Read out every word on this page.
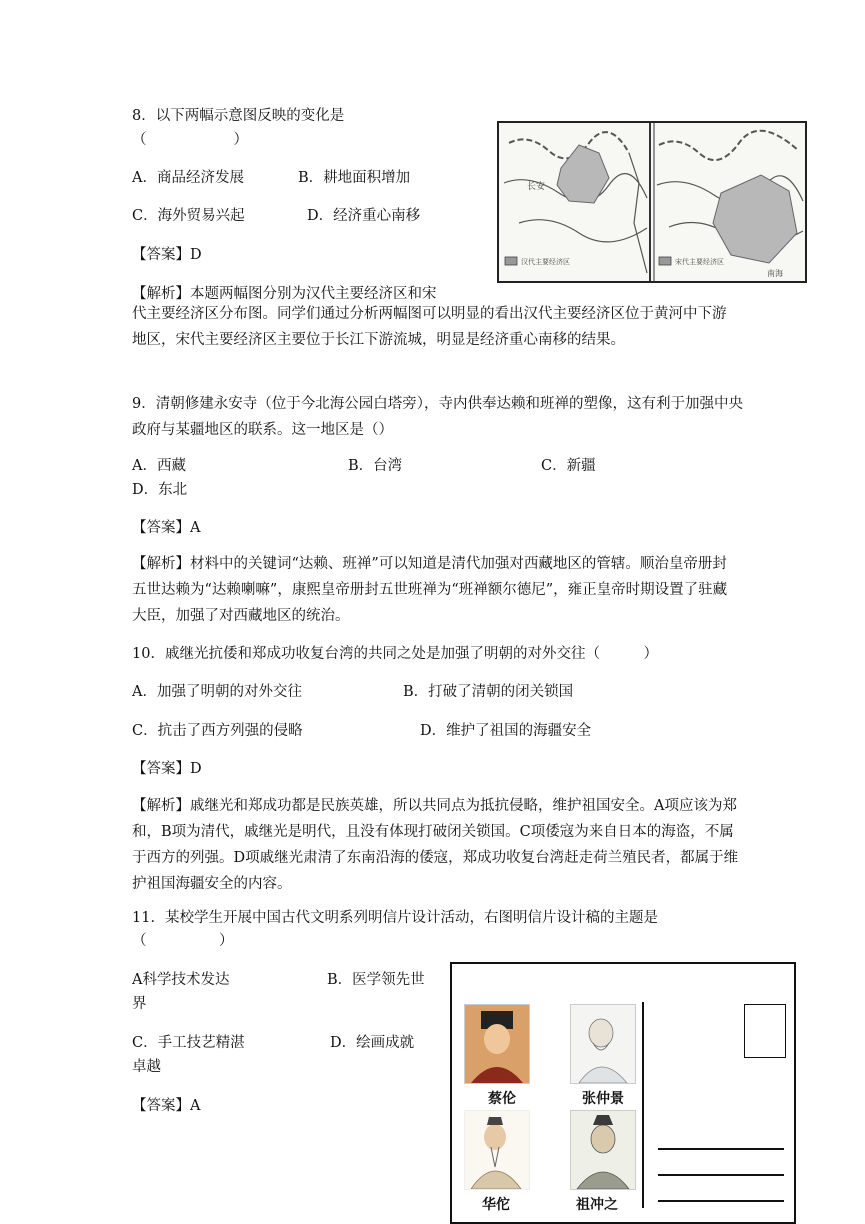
8．以下两幅示意图反映的变化是
（　　　　　　）
A．商品经济发展	B．耕地面积增加
C．海外贸易兴起	D．经济重心南移
【答案】D
【解析】本题两幅图分别为汉代主要经济区和宋
代主要经济区分布图。同学们通过分析两幅图可以明显的看出汉代主要经济区位于黄河中下游地区，宋代主要经济区主要位于长江下游流城，明显是经济重心南移的结果。
长安
汉代主要经济区	宋代主要经济区
南海
9．清朝修建永安寺（位于今北海公园白塔旁），寺内供奉达赖和班禅的塑像，这有利于加强中央政府与某疆地区的联系。这一地区是（）
A．西藏	B．台湾	C．新疆
D．东北
【答案】A
【解析】材料中的关键词“达赖、班禅”可以知道是清代加强对西藏地区的管辖。顺治皇帝册封五世达赖为“达赖喇嘛”，康熙皇帝册封五世班禅为“班禅额尔德尼”，雍正皇帝时期设置了驻藏大臣，加强了对西藏地区的统治。
10．戚继光抗倭和郑成功收复台湾的共同之处是加强了明朝的对外交往（　　　）
A．加强了明朝的对外交往	B．打破了清朝的闭关锁国
C．抗击了西方列强的侵略	D．维护了祖国的海疆安全
【答案】D
【解析】戚继光和郑成功都是民族英雄，所以共同点为抵抗侵略，维护祖国安全。A项应该为郑和，B项为清代，戚继光是明代，且没有体现打破闭关锁国。C项倭寇为来自日本的海盗，不属于西方的列强。D项戚继光肃清了东南沿海的倭寇，郑成功收复台湾赶走荷兰殖民者，都属于维护祖国海疆安全的内容。
11．某校学生开展中国古代文明系列明信片设计活动，右图明信片设计稿的主题是
（　　　　　）
A科学技术发达	B．医学领先世
界
C．手工技艺精湛	D．绘画成就
卓越
【答案】A	蔡伦	张仲景
华佗	祖冲之
